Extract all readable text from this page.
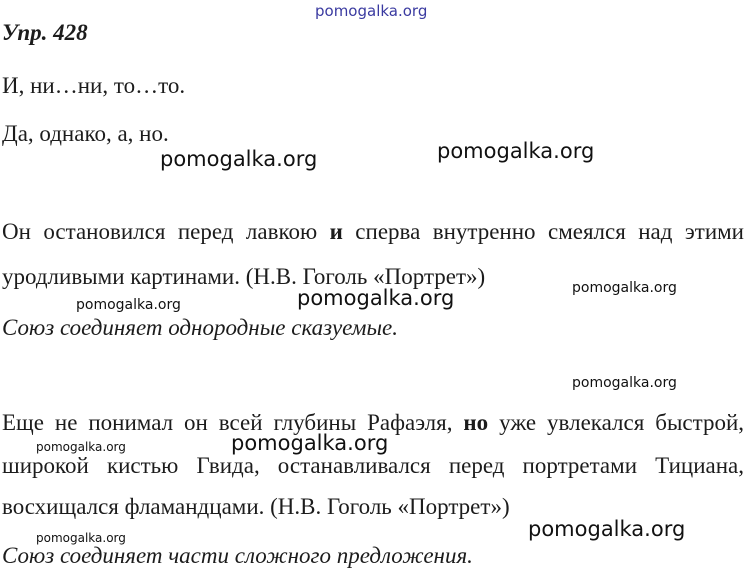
pomogalka.org
Упр. 428
И, ни…ни, то…то.
Да, однако, а, но.
pomogalka.org	pomogalka.org
Он остановился перед лавкою и сперва внутренно смеялся над этими
уродливыми картинами. (Н.В. Гоголь «Портрет»)	pomogalka.org
pomogalka.org	pomogalka.org
Союз соединяет однородные сказуемые.
pomogalka.org
Еще не понимал он всей глубины Рафаэля, но уже увлекался быстрой,
pomogalka.org	pomogalka.org
широкой кистью Гвида, останавливался перед портретами Тициана,
восхищался фламандцами. (Н.В. Гоголь «Портрет»)
pomogalka.org	pomogalka.org
Союз соединяет части сложного предложения.
